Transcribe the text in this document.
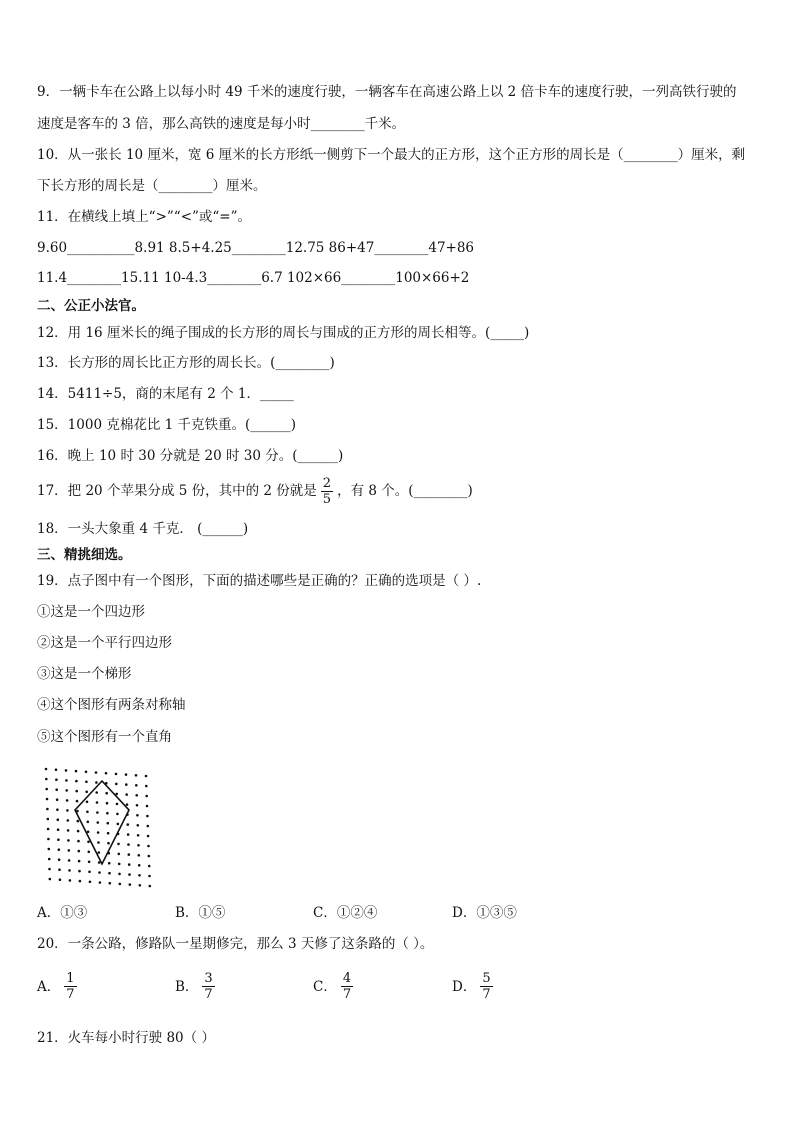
9．一辆卡车在公路上以每小时 49 千米的速度行驶，一辆客车在高速公路上以 2 倍卡车的速度行驶，一列高铁行驶的
速度是客车的 3 倍，那么高铁的速度是每小时________千米。
10．从一张长 10 厘米，宽 6 厘米的长方形纸一侧剪下一个最大的正方形，这个正方形的周长是（________）厘米，剩
下长方形的周长是（________）厘米。
11．在横线上填上“>”“<”或“=”。
9.60__________8.91 8.5+4.25________12.75 86+47________47+86
11.4________15.11 10-4.3________6.7 102×66________100×66+2
二、公正小法官。
12．用 16 厘米长的绳子围成的长方形的周长与围成的正方形的周长相等。(_____)
13．长方形的周长比正方形的周长长。(________)
14．5411÷5，商的末尾有 2 个 1．_____
15．1000 克棉花比 1 千克铁重。(______)
16．晚上 10 时 30 分就是 20 时 30 分。(______)
17．把 20 个苹果分成 5 份，其中的 2 份就是 $\frac{2}{5}$ ，有 8 个。(________)
18．一头大象重 4 千克． (______)
三、精挑细选。
19．点子图中有一个图形，下面的描述哪些是正确的？正确的选项是（ ）.
①这是一个四边形
②这是一个平行四边形
③这是一个梯形
④这个图形有两条对称轴
⑤这个图形有一个直角
A．①③	B．①⑤	C．①②④	D．①③⑤
20．一条公路，修路队一星期修完，那么 3 天修了这条路的（ ）。
A． $\frac{1}{7}$	B． $\frac{3}{7}$	C． $\frac{4}{7}$	D． $\frac{5}{7}$
21．火车每小时行驶 80（ ）
